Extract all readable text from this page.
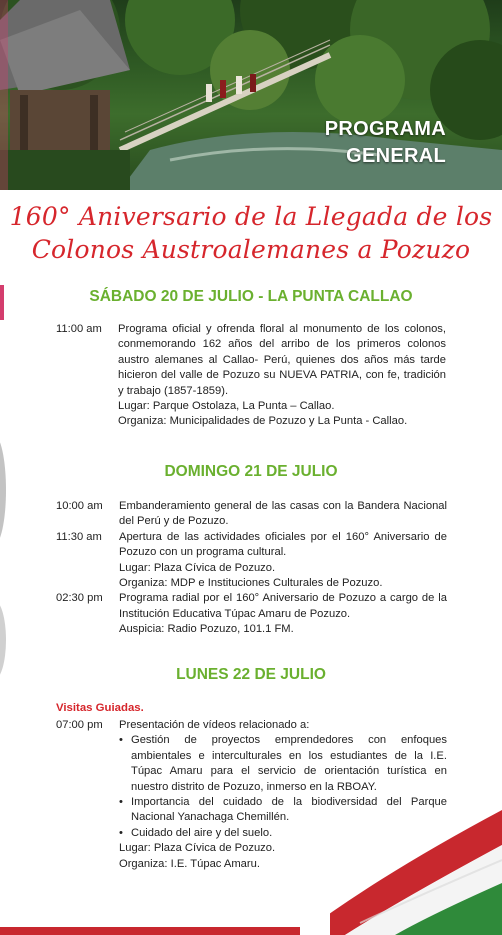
PROGRAMA
GENERAL
160° Aniversario de la Llegada de los
Colonos Austroalemanes a Pozuzo
SÁBADO 20 DE JULIO - LA PUNTA CALLAO
11:00 am Programa oficial y ofrenda floral al monumento de los colonos, conmemorando 162 años del arribo de los primeros colonos austro alemanes al Callao- Perú, quienes dos años más tarde hicieron del valle de Pozuzo su NUEVA PATRIA, con fe, tradición y trabajo (1857-1859).
Lugar: Parque Ostolaza, La Punta – Callao.
Organiza: Municipalidades de Pozuzo y La Punta - Callao.
DOMINGO 21 DE JULIO
10:00 am Embanderamiento general de las casas con la Bandera Nacional del Perú y de Pozuzo.
11:30 am Apertura de las actividades oficiales por el 160° Aniversario de Pozuzo con un programa cultural.
Lugar: Plaza Cívica de Pozuzo.
Organiza: MDP e Instituciones Culturales de Pozuzo.
02:30 pm Programa radial por el 160° Aniversario de Pozuzo a cargo de la Institución Educativa Túpac Amaru de Pozuzo.
Auspicia: Radio Pozuzo, 101.1 FM.
LUNES 22 DE JULIO
Visitas Guiadas.
07:00 pm Presentación de vídeos relacionado a:
• Gestión de proyectos emprendedores con enfoques ambientales e interculturales en los estudiantes de la I.E. Túpac Amaru para el servicio de orientación turística en nuestro distrito de Pozuzo, inmerso en la RBOAY.
• Importancia del cuidado de la biodiversidad del Parque Nacional Yanachaga Chemillén.
• Cuidado del aire y del suelo.
Lugar: Plaza Cívica de Pozuzo.
Organiza: I.E. Túpac Amaru.
